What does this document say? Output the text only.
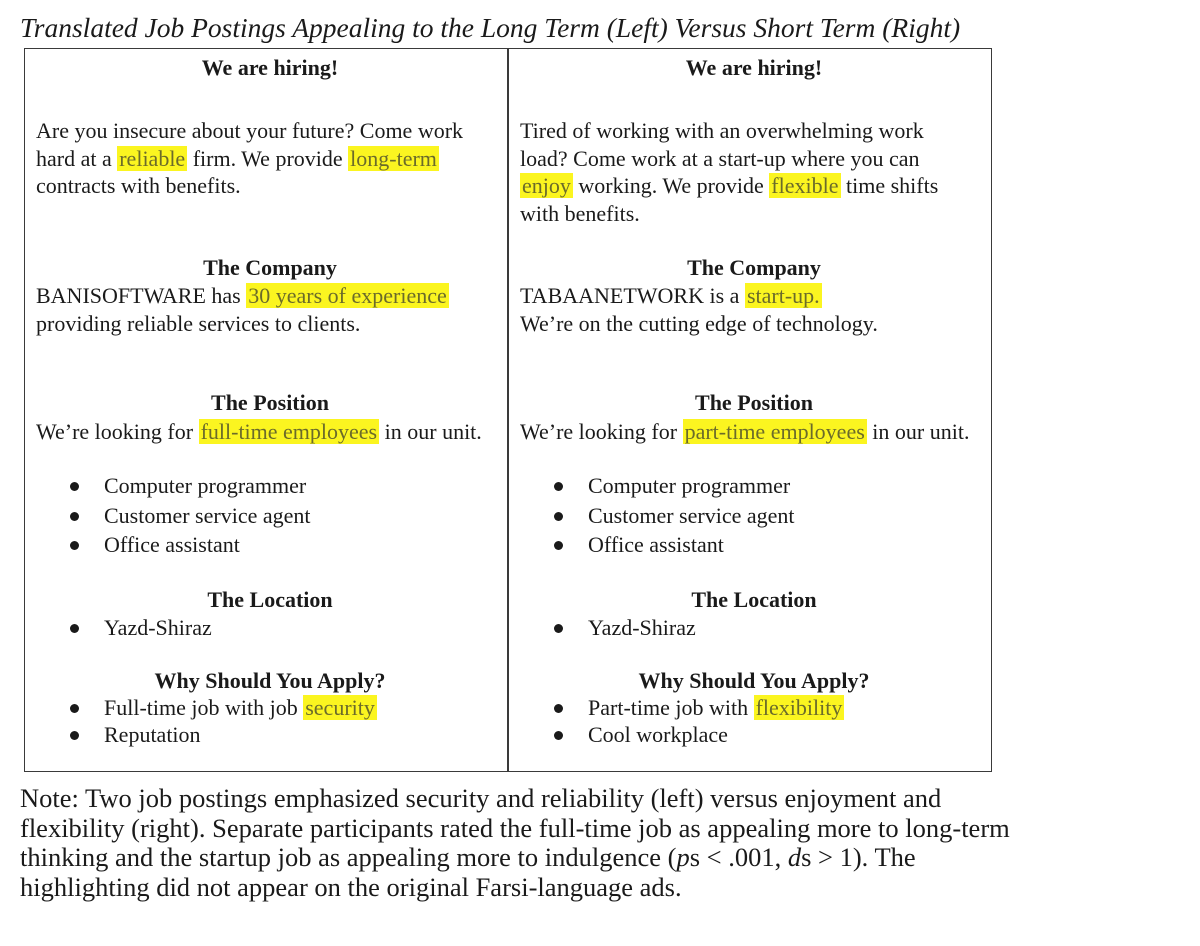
Translated Job Postings Appealing to the Long Term (Left) Versus Short Term (Right)
We are hiring!
Are you insecure about your future? Come work
hard at a reliable firm. We provide long-term
contracts with benefits.
The Company
BANISOFTWARE has 30 years of experience
providing reliable services to clients.
The Position
We’re looking for full-time employees in our unit.
Computer programmer
Customer service agent
Office assistant
The Location
Yazd-Shiraz
Why Should You Apply?
Full-time job with job security
Reputation
We are hiring!
Tired of working with an overwhelming work
load? Come work at a start-up where you can
enjoy working. We provide flexible time shifts
with benefits.
The Company
TABAANETWORK is a start-up.
We’re on the cutting edge of technology.
The Position
We’re looking for part-time employees in our unit.
Computer programmer
Customer service agent
Office assistant
The Location
Yazd-Shiraz
Why Should You Apply?
Part-time job with flexibility
Cool workplace
Note: Two job postings emphasized security and reliability (left) versus enjoyment and
flexibility (right). Separate participants rated the full-time job as appealing more to long-term
thinking and the startup job as appealing more to indulgence (ps < .001, ds > 1). The
highlighting did not appear on the original Farsi-language ads.
